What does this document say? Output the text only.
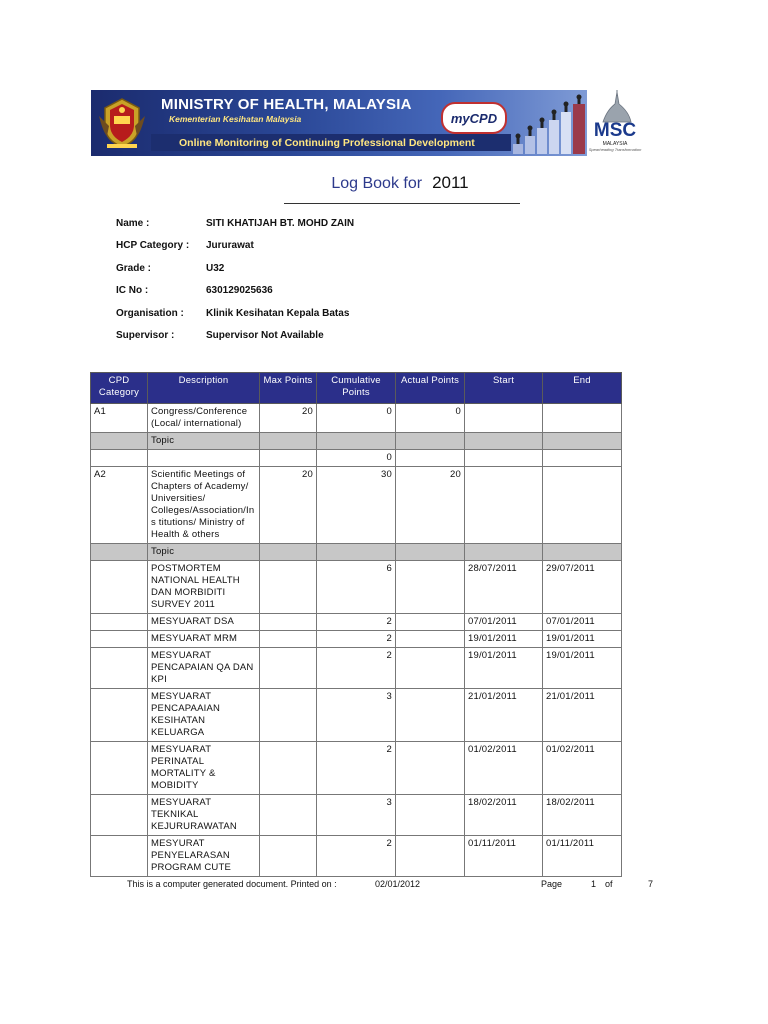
MINISTRY OF HEALTH, MALAYSIA
Kementerian Kesihatan Malaysia
Online Monitoring of Continuing Professional Development
myCPD
MSC
MALAYSIA
Spearheading Transformation
Log Book for 2011
Name :	SITI KHATIJAH BT. MOHD ZAIN
HCP Category :	Jururawat
Grade :	U32
IC No :	630129025636
Organisation :	Klinik Kesihatan Kepala Batas
Supervisor :	Supervisor Not Available
CPD Category	Description	Max Points	Cumulative Points	Actual Points	Start	End
A1	Congress/Conference (Local/ international)	20	0	0		
	Topic					
			0			
A2	Scientific Meetings of Chapters of Academy/ Universities/ Colleges/Association/Ins titutions/ Ministry of Health & others	20	30	20		
	Topic					
	POSTMORTEM NATIONAL HEALTH DAN MORBIDITI SURVEY 2011		6		28/07/2011	29/07/2011
	MESYUARAT DSA		2		07/01/2011	07/01/2011
	MESYUARAT MRM		2		19/01/2011	19/01/2011
	MESYUARAT PENCAPAIAN QA DAN KPI		2		19/01/2011	19/01/2011
	MESYUARAT PENCAPAAIAN KESIHATAN KELUARGA		3		21/01/2011	21/01/2011
	MESYUARAT PERINATAL MORTALITY & MOBIDITY		2		01/02/2011	01/02/2011
	MESYUARAT TEKNIKAL KEJURURAWATAN		3		18/02/2011	18/02/2011
	MESYURAT PENYELARASAN PROGRAM CUTE		2		01/11/2011	01/11/2011
This is a computer generated document. Printed on :	02/01/2012	Page	1 of	7
